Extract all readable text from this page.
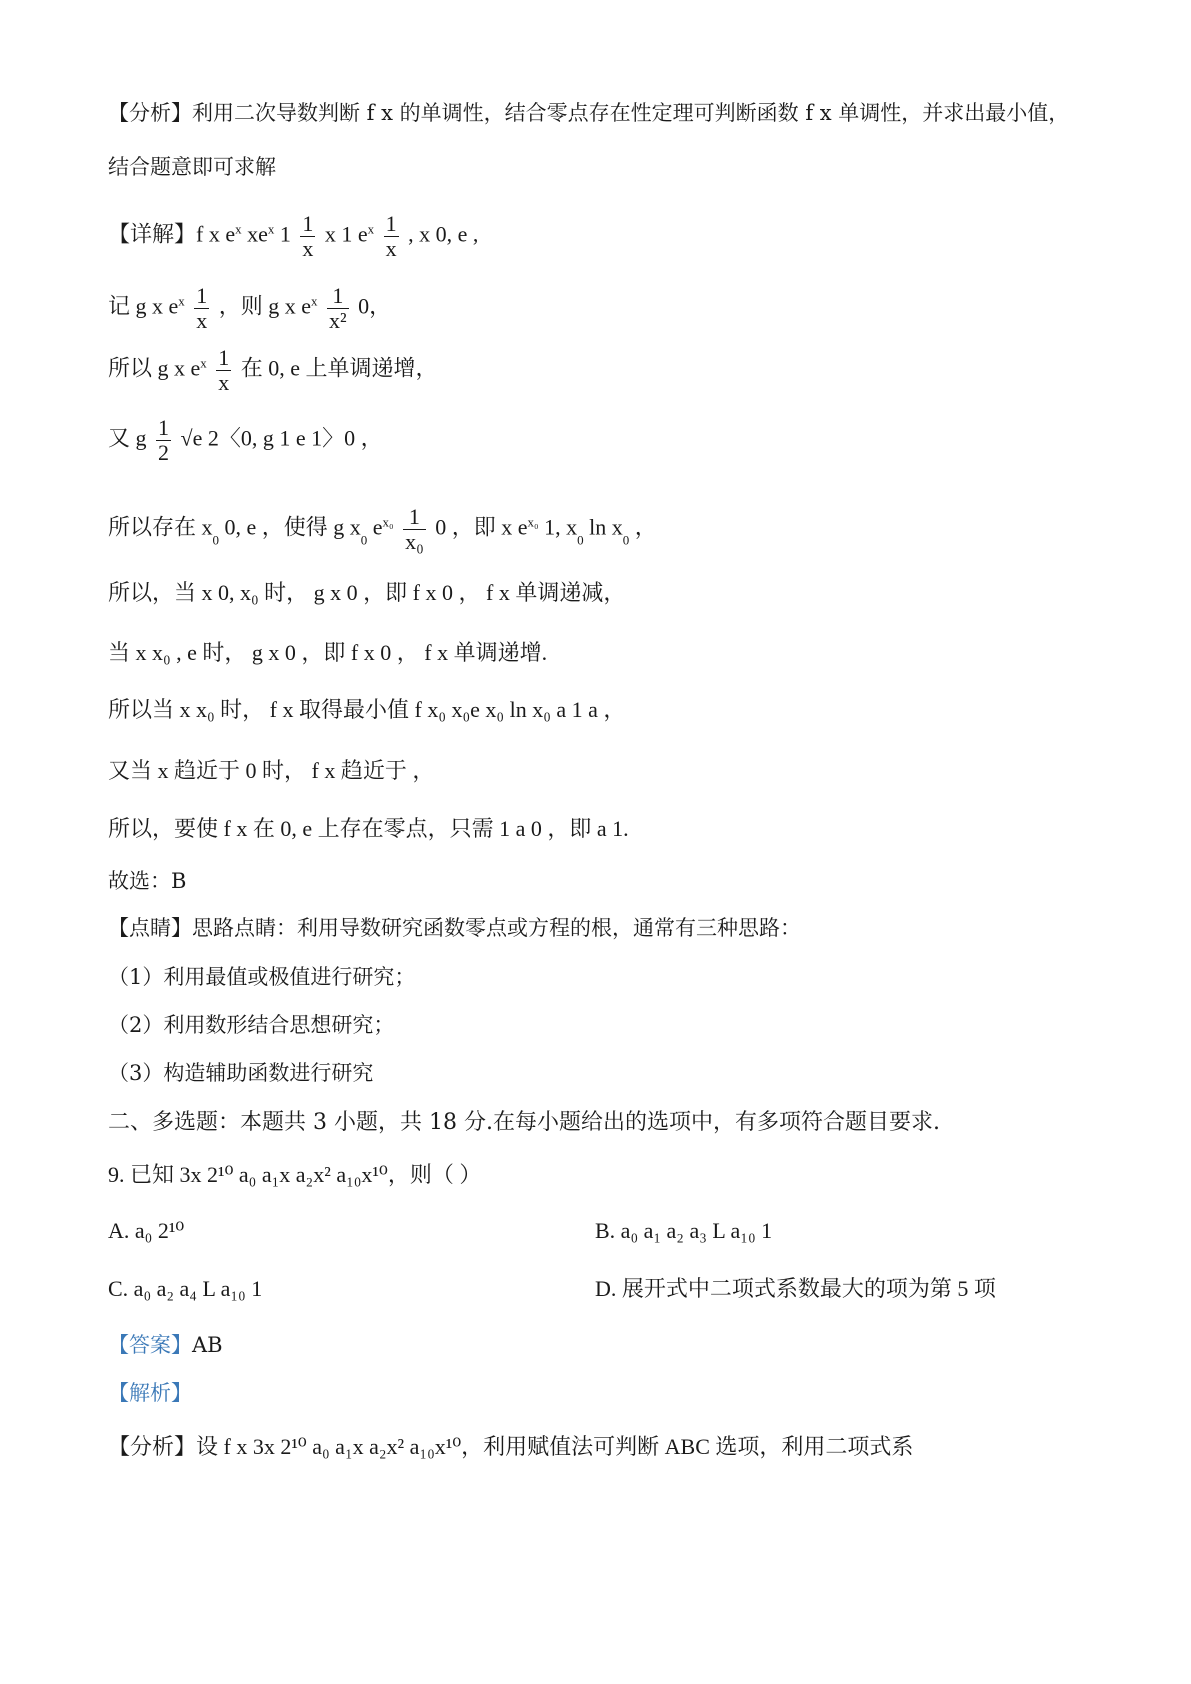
【分析】利用二次导数判断 f x 的单调性，结合零点存在性定理可判断函数 f x 单调性，并求出最小值，
结合题意即可求解
【详解】f x $e^x$ $xe^x$ $1 \frac{1}{x}$ x 1 $e^x \frac{1}{x}$ , x 0, e ,
记 g x $e^x \frac{1}{x}$ ，则 g x $e^x \frac{1}{\text{x²}} 0$，
所以 g x $e^x \frac{1}{x}$ 在 0, e 上单调递增，
又 g $\frac{1}{2} √e$ 2〈0, g 1 e 1〉0 ，
所以存在 $x_0$ 0, e ，使得 g $x_0$ $e^{x_0} \frac{1}{\text{x₀}} 0$ ，即 x $e^{x_0}$ 1, $x_0$ $\ln x_0$ ，
所以，当 x 0, x₀ 时， g x 0 ，即 f x 0 ， f x 单调递减，
当 x x₀ , e 时， g x 0 ，即 f x 0 ， f x 单调递增.
所以当 x x₀ 时， f x 取得最小值 f x₀ x₀e x₀ ln x₀ a 1 a ，
又当 x 趋近于 0 时， f x 趋近于 ，
所以，要使 f x 在 0, e 上存在零点，只需 1 a 0 ，即 a 1.
故选：B
【点睛】思路点睛：利用导数研究函数零点或方程的根，通常有三种思路：
（1）利用最值或极值进行研究；
（2）利用数形结合思想研究；
（3）构造辅助函数进行研究
二、多选题：本题共 3 小题，共 18 分.在每小题给出的选项中，有多项符合题目要求.
9. 已知 3x 2¹⁰ a₀ a₁x a₂x² a₁₀x¹⁰，则（ ）
A. a₀ 2¹⁰	B. a₀ a₁ a₂ a₃ L a₁₀ 1
C. a₀ a₂ a₄ L a₁₀ 1	D. 展开式中二项式系数最大的项为第 5 项
【答案】AB
【解析】
【分析】设 f x 3x 2¹⁰ a₀ a₁x a₂x² a₁₀x¹⁰，利用赋值法可判断 ABC 选项，利用二项式系
